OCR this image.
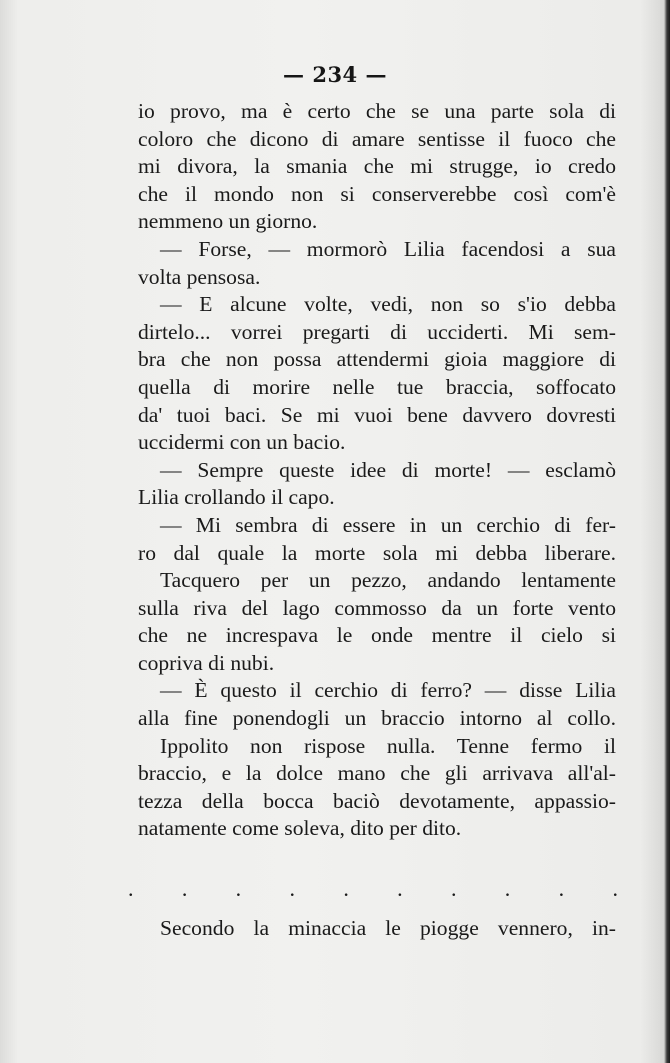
— 234 —
io provo, ma è certo che se una parte sola di
coloro che dicono di amare sentisse il fuoco che
mi divora, la smania che mi strugge, io credo
che il mondo non si conserverebbe così com'è
nemmeno un giorno.
— Forse, — mormorò Lilia facendosi a sua
volta pensosa.
— E alcune volte, vedi, non so s'io debba
dirtelo... vorrei pregarti di ucciderti. Mi sem-
bra che non possa attendermi gioia maggiore di
quella di morire nelle tue braccia, soffocato
da' tuoi baci. Se mi vuoi bene davvero dovresti
uccidermi con un bacio.
— Sempre queste idee di morte! — esclamò
Lilia crollando il capo.
— Mi sembra di essere in un cerchio di fer-
ro dal quale la morte sola mi debba liberare.
Tacquero per un pezzo, andando lentamente
sulla riva del lago commosso da un forte vento
che ne increspava le onde mentre il cielo si
copriva di nubi.
— È questo il cerchio di ferro? — disse Lilia
alla fine ponendogli un braccio intorno al collo.
Ippolito non rispose nulla. Tenne fermo il
braccio, e la dolce mano che gli arrivava all'al-
tezza della bocca baciò devotamente, appassio-
natamente come soleva, dito per dito.
. . . . . . . . . .
Secondo la minaccia le piogge vennero, in-
